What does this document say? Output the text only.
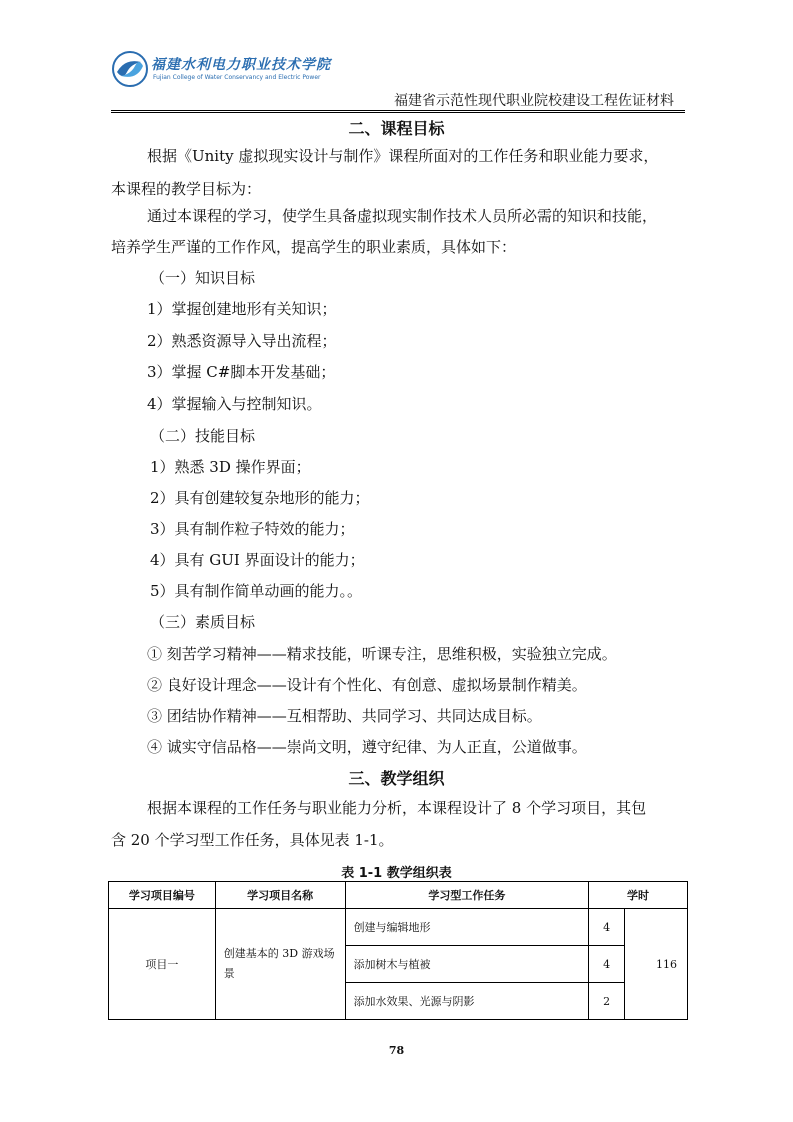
福建水利电力职业技术学院
Fujian College of Water Conservancy and Electric Power
福建省示范性现代职业院校建设工程佐证材料
二、课程目标
根据《Unity 虚拟现实设计与制作》课程所面对的工作任务和职业能力要求，
本课程的教学目标为：
通过本课程的学习，使学生具备虚拟现实制作技术人员所必需的知识和技能，
培养学生严谨的工作作风，提高学生的职业素质，具体如下：
（一）知识目标
1）掌握创建地形有关知识；
2）熟悉资源导入导出流程；
3）掌握 C#脚本开发基础；
4）掌握输入与控制知识。
（二）技能目标
1）熟悉 3D 操作界面；
2）具有创建较复杂地形的能力；
3）具有制作粒子特效的能力；
4）具有 GUI 界面设计的能力；
5）具有制作简单动画的能力。。
（三）素质目标
① 刻苦学习精神——精求技能，听课专注，思维积极，实验独立完成。
② 良好设计理念——设计有个性化、有创意、虚拟场景制作精美。
③ 团结协作精神——互相帮助、共同学习、共同达成目标。
④ 诚实守信品格——崇尚文明，遵守纪律、为人正直，公道做事。
三、教学组织
根据本课程的工作任务与职业能力分析，本课程设计了 8 个学习项目，其包
含 20 个学习型工作任务，具体见表 1-1。
表 1-1 教学组织表
学习项目编号	学习项目名称	学习型工作任务	学时	
项目一	创建基本的 3D 游戏场景	创建与编辑地形	4	116
		添加树木与植被	4	
		添加水效果、光源与阴影	2	
78
